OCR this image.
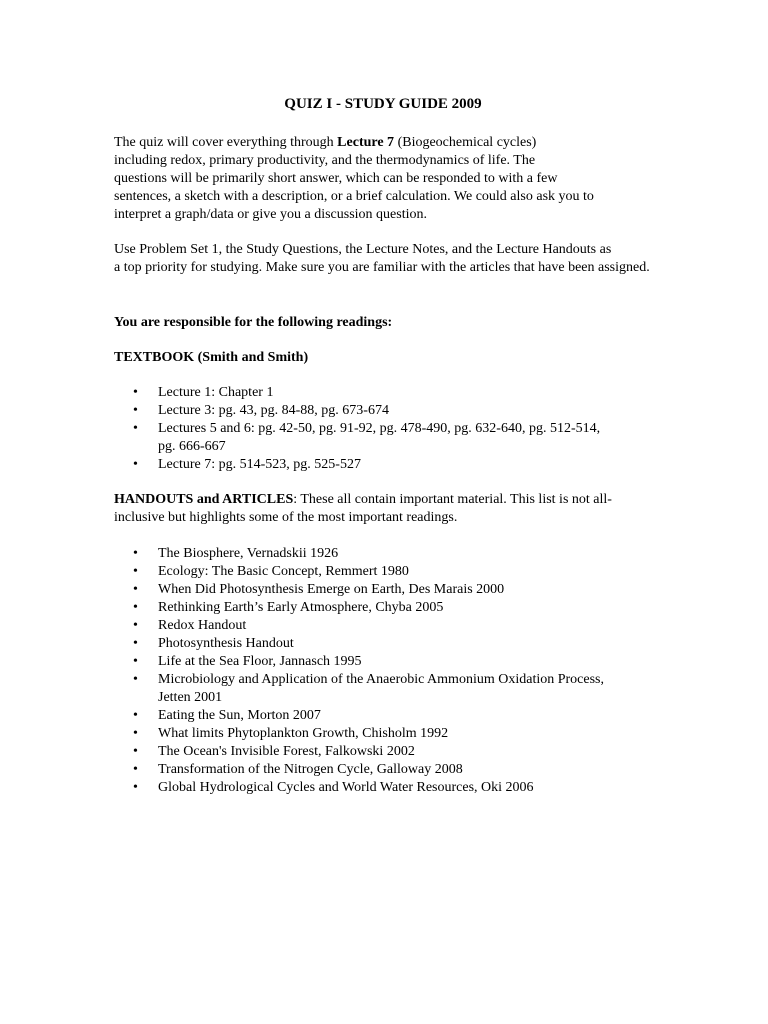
QUIZ I - STUDY GUIDE 2009
The quiz will cover everything through Lecture 7 (Biogeochemical cycles)
including redox, primary productivity, and the thermodynamics of life. The
questions will be primarily short answer, which can be responded to with a few
sentences, a sketch with a description, or a brief calculation. We could also ask you to
interpret a graph/data or give you a discussion question.
Use Problem Set 1, the Study Questions, the Lecture Notes, and the Lecture Handouts as
a top priority for studying. Make sure you are familiar with the articles that have been assigned.
You are responsible for the following readings:
TEXTBOOK (Smith and Smith)
• Lecture 1: Chapter 1
• Lecture 3: pg. 43, pg. 84-88, pg. 673-674
• Lectures 5 and 6: pg. 42-50, pg. 91-92, pg. 478-490, pg. 632-640, pg. 512-514,
pg. 666-667
• Lecture 7: pg. 514-523, pg. 525-527
HANDOUTS and ARTICLES: These all contain important material. This list is not all-
inclusive but highlights some of the most important readings.
• The Biosphere, Vernadskii 1926
• Ecology: The Basic Concept, Remmert 1980
• When Did Photosynthesis Emerge on Earth, Des Marais 2000
• Rethinking Earth’s Early Atmosphere, Chyba 2005
• Redox Handout
• Photosynthesis Handout
• Life at the Sea Floor, Jannasch 1995
• Microbiology and Application of the Anaerobic Ammonium Oxidation Process,
Jetten 2001
• Eating the Sun, Morton 2007
• What limits Phytoplankton Growth, Chisholm 1992
• The Ocean's Invisible Forest, Falkowski 2002
• Transformation of the Nitrogen Cycle, Galloway 2008
• Global Hydrological Cycles and World Water Resources, Oki 2006
